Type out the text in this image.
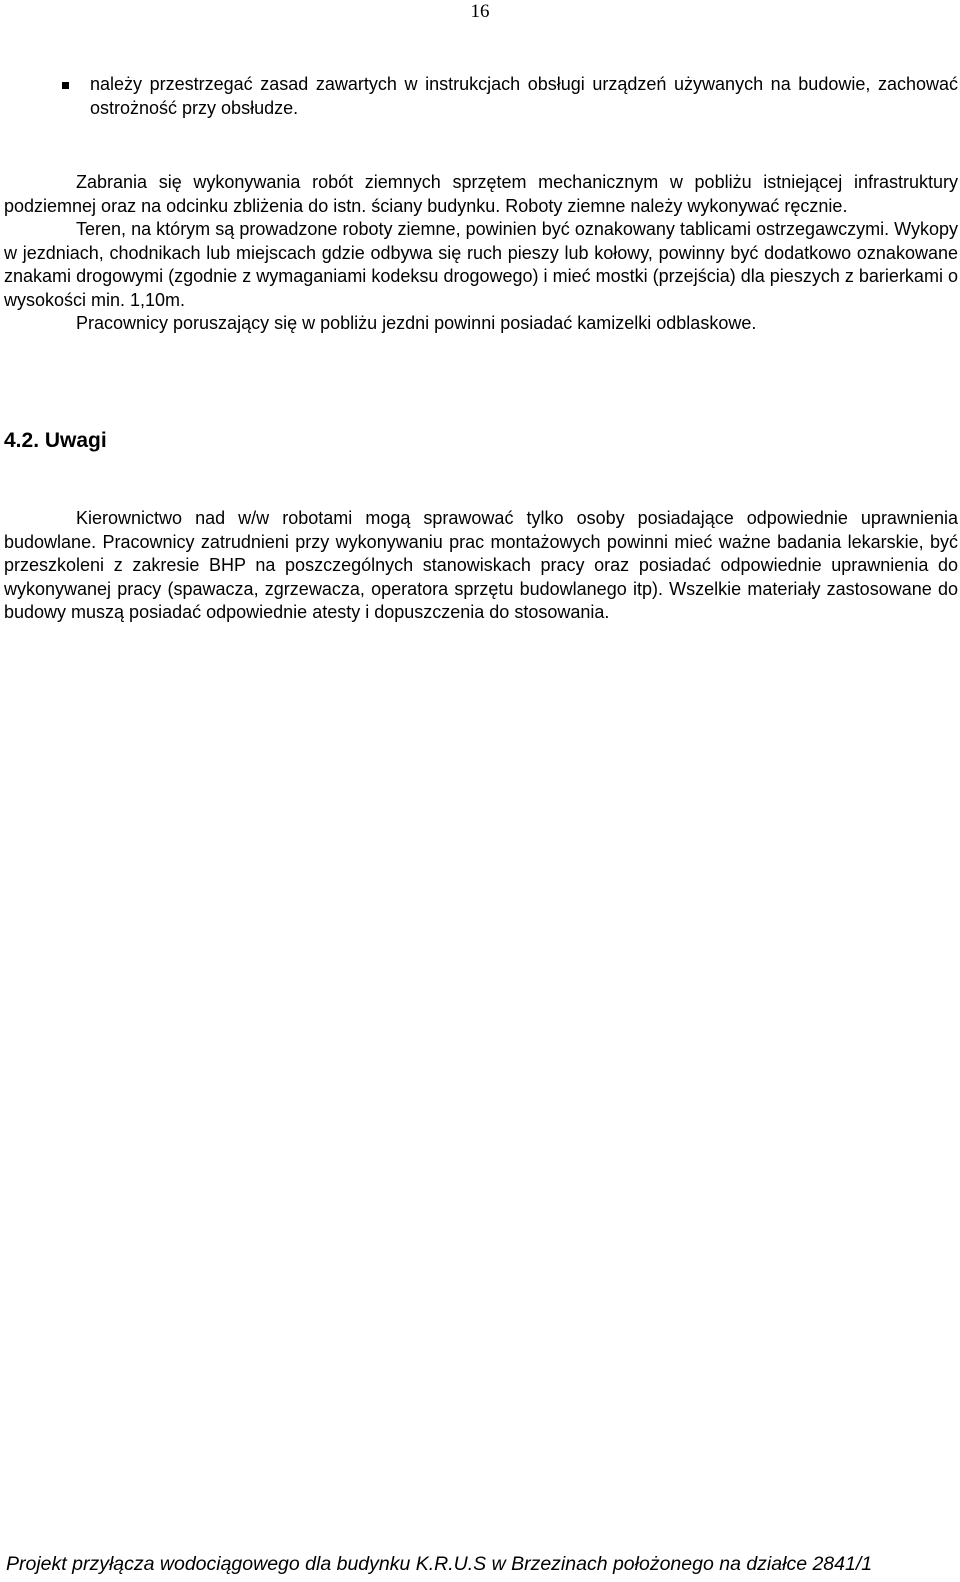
16

należy przestrzegać zasad zawartych w instrukcjach obsługi urządzeń używanych na budowie, zachować ostrożność przy obsłudze.

Zabrania się wykonywania robót ziemnych sprzętem mechanicznym w pobliżu istniejącej infrastruktury podziemnej oraz na odcinku zbliżenia do istn. ściany budynku. Roboty ziemne należy wykonywać ręcznie.

Teren, na którym są prowadzone roboty ziemne, powinien być oznakowany tablicami ostrzegawczymi. Wykopy w jezdniach, chodnikach lub miejscach gdzie odbywa się ruch pieszy lub kołowy, powinny być dodatkowo oznakowane znakami drogowymi (zgodnie z wymaganiami kodeksu drogowego) i mieć mostki (przejścia) dla pieszych z barierkami o wysokości min. 1,10m.

Pracownicy poruszający się w pobliżu jezdni powinni posiadać kamizelki odblaskowe.

4.2. Uwagi

Kierownictwo nad w/w robotami mogą sprawować tylko osoby posiadające odpowiednie uprawnienia budowlane. Pracownicy zatrudnieni przy wykonywaniu prac montażowych powinni mieć ważne badania lekarskie, być przeszkoleni z zakresie BHP na poszczególnych stanowiskach pracy oraz posiadać odpowiednie uprawnienia do wykonywanej pracy (spawacza, zgrzewacza, operatora sprzętu budowlanego itp). Wszelkie materiały zastosowane do budowy muszą posiadać odpowiednie atesty i dopuszczenia do stosowania.

Projekt przyłącza wodociągowego dla budynku K.R.U.S w Brzezinach położonego na działce 2841/1
